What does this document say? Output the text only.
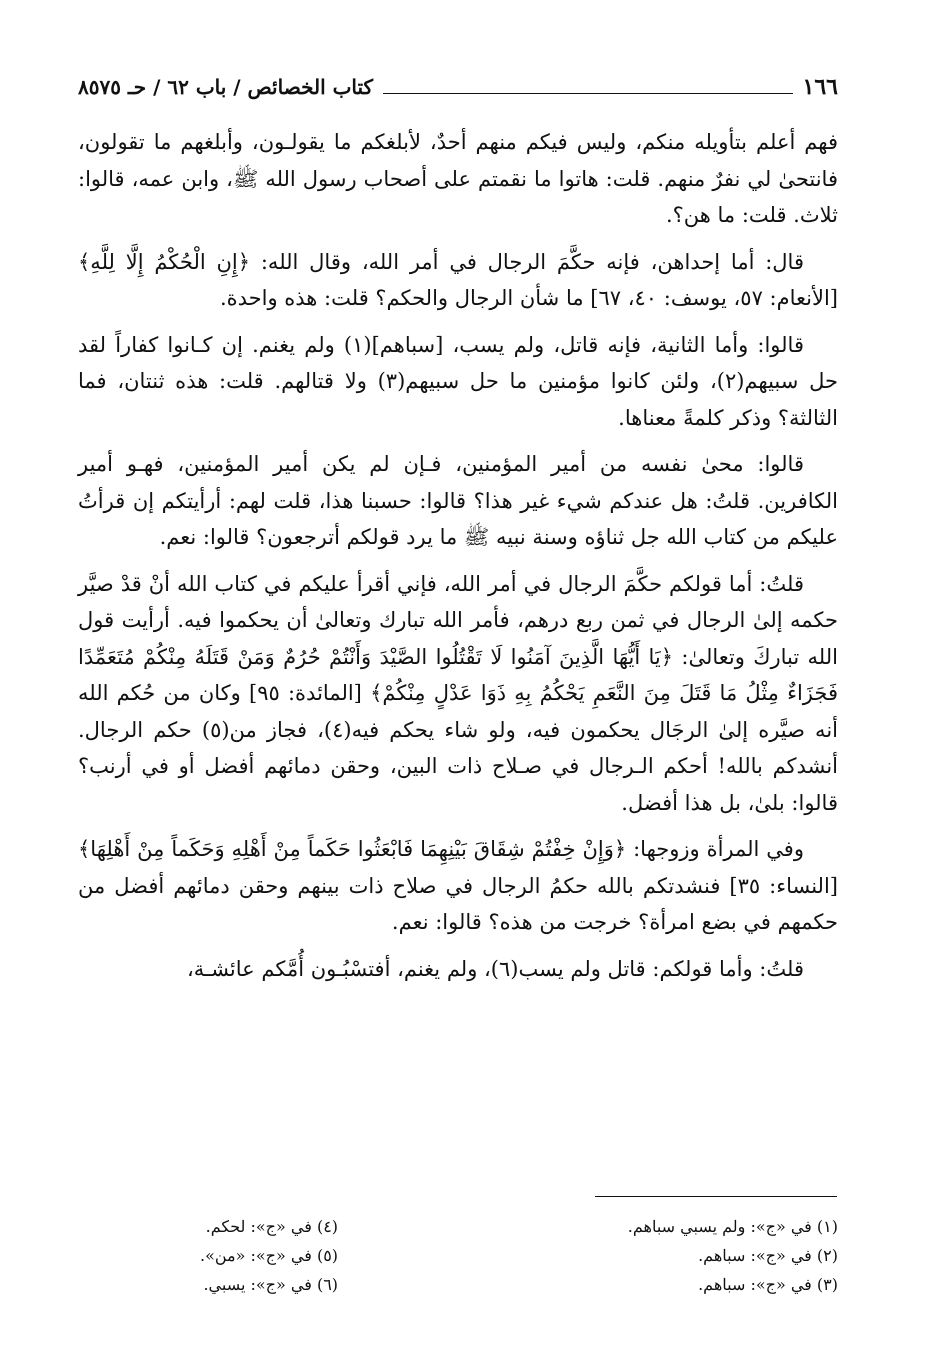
١٦٦
كتاب الخصائص / باب ٦٢ / حـ ٨٥٧٥

فهم أعلم بتأويله منكم، وليس فيكم منهم أحدٌ، لأبلغكم ما يقولـون، وأبلغهم ما تقولون، فانتحىٰ لي نفرٌ منهم. قلت: هاتوا ما نقمتم على أصحاب رسول الله ﷺ، وابن عمه، قالوا: ثلاث. قلت: ما هن؟.

قال: أما إحداهن، فإنه حكَّمَ الرجال في أمر الله، وقال الله: ﴿إِنِ الْحُكْمُ إِلَّا لِلَّهِ﴾ [الأنعام: ٥٧، يوسف: ٤٠، ٦٧] ما شأن الرجال والحكم؟ قلت: هذه واحدة.

قالوا: وأما الثانية، فإنه قاتل، ولم يسب، [سباهم](١) ولم يغنم. إن كـانوا كفاراً لقد حل سبيهم(٢)، ولئن كانوا مؤمنين ما حل سبيهم(٣) ولا قتالهم. قلت: هذه ثنتان، فما الثالثة؟ وذكر كلمةً معناها.

قالوا: محىٰ نفسه من أمير المؤمنين، فـإن لم يكن أمير المؤمنين، فهـو أمير الكافرين. قلتُ: هل عندكم شيء غير هذا؟ قالوا: حسبنا هذا، قلت لهم: أرأيتكم إن قرأتُ عليكم من كتاب الله جل ثناؤه وسنة نبيه ﷺ ما يرد قولكم أترجعون؟ قالوا: نعم.

قلتُ: أما قولكم حكَّمَ الرجال في أمر الله، فإني أقرأ عليكم في كتاب الله أنْ قدْ صيَّر حكمه إلىٰ الرجال في ثمن ربع درهم، فأمر الله تبارك وتعالىٰ أن يحكموا فيه. أرأيت قول الله تباركَ وتعالىٰ: ﴿يَا أَيُّهَا الَّذِينَ آمَنُوا لَا تَقْتُلُوا الصَّيْدَ وَأَنْتُمْ حُرُمٌ وَمَنْ قَتَلَهُ مِنْكُمْ مُتَعَمِّدًا فَجَزَاءٌ مِثْلُ مَا قَتَلَ مِنَ النَّعَمِ يَحْكُمُ بِهِ ذَوَا عَدْلٍ مِنْكُمْ﴾ [المائدة: ٩٥] وكان من حُكم الله أنه صيَّره إلىٰ الرجَال يحكمون فيه، ولو شاء يحكم فيه(٤)، فجاز من(٥) حكم الرجال. أنشدكم بالله! أحكم الـرجال في صـلاح ذات البين، وحقن دمائهم أفضل أو في أرنب؟ قالوا: بلىٰ، بل هذا أفضل.

وفي المرأة وزوجها: ﴿وَإِنْ خِفْتُمْ شِقَاقَ بَيْنِهِمَا فَابْعَثُوا حَكَماً مِنْ أَهْلِهِ وَحَكَماً مِنْ أَهْلِهَا﴾ [النساء: ٣٥] فنشدتكم بالله حكمُ الرجال في صلاح ذات بينهم وحقن دمائهم أفضل من حكمهم في بضع امرأة؟ خرجت من هذه؟ قالوا: نعم.

قلتُ: وأما قولكم: قاتل ولم يسب(٦)، ولم يغنم، أفتسْبُـون أُمَّكم عائشـة،

(١) في «ج»: ولم يسبي سباهم.
(٢) في «ج»: سباهم.
(٣) في «ج»: سباهم.
(٤) في «ج»: لحكم.
(٥) في «ج»: «من».
(٦) في «ج»: يسبي.
